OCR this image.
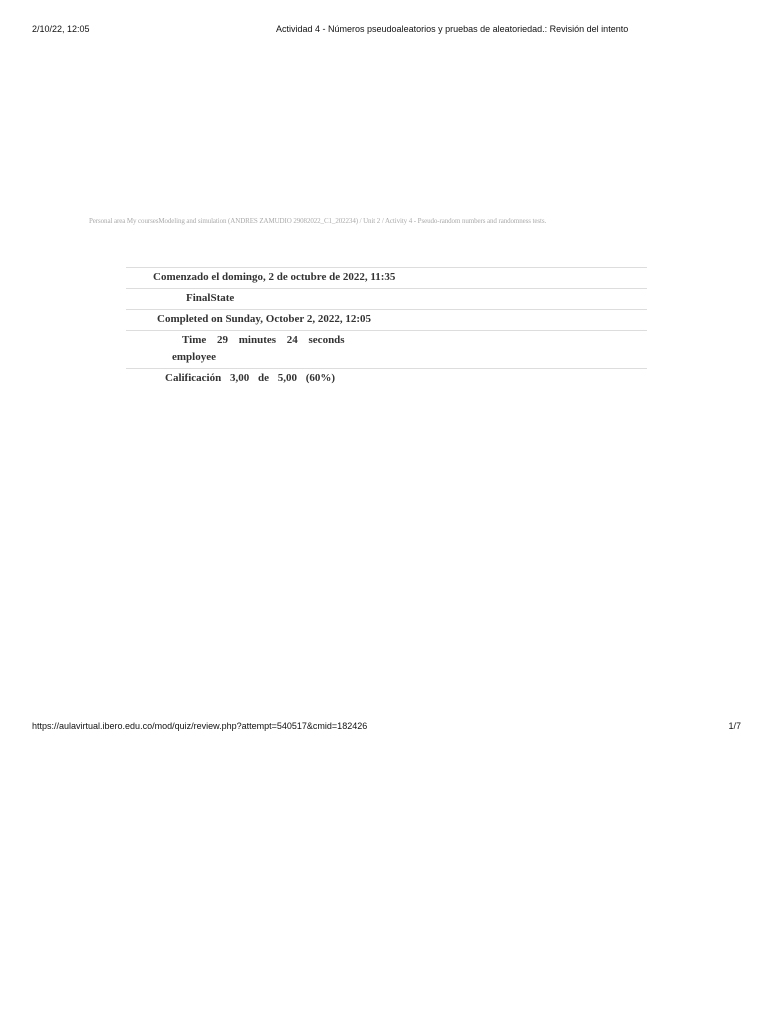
2/10/22, 12:05	Actividad 4 - Números pseudoaleatorios y pruebas de aleatoriedad.: Revisión del intento
Personal area My coursesModeling and simulation (ANDRES ZAMUDIO 29082022_C1_202234) / Unit 2 / Activity 4 - Pseudo-random numbers and randomness tests.
Comenzado el domingo, 2 de octubre de 2022, 11:35
FinalState
Completed on Sunday, October 2, 2022, 12:05
Time 29 minutes 24 seconds
employee
Calificación 3,00 de 5,00 (60%)
https://aulavirtual.ibero.edu.co/mod/quiz/review.php?attempt=540517&cmid=182426	1/7
